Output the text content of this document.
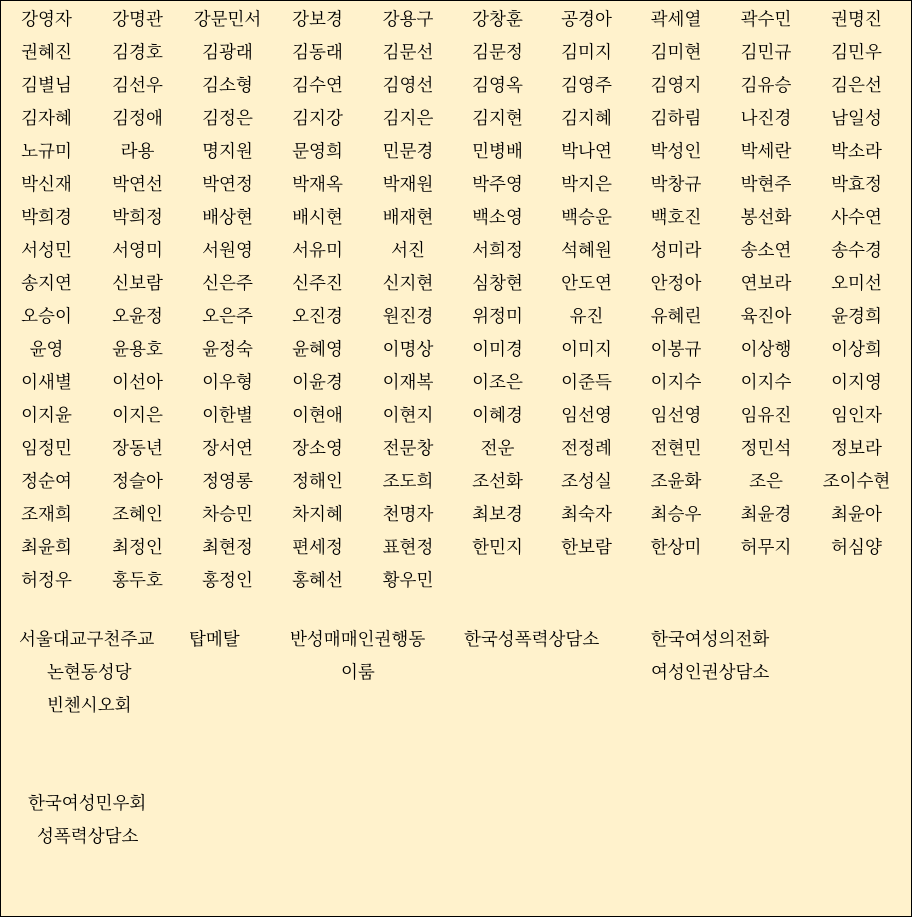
강영자	강명관	강문민서	강보경	강용구	강창훈	공경아	곽세열	곽수민	권명진
권혜진	김경호	김광래	김동래	김문선	김문정	김미지	김미현	김민규	김민우
김별님	김선우	김소형	김수연	김영선	김영옥	김영주	김영지	김유승	김은선
김자혜	김정애	김정은	김지강	김지은	김지현	김지혜	김하림	나진경	남일성
노규미	라용	명지원	문영희	민문경	민병배	박나연	박성인	박세란	박소라
박신재	박연선	박연정	박재옥	박재원	박주영	박지은	박창규	박현주	박효정
박희경	박희정	배상현	배시현	배재현	백소영	백승운	백호진	봉선화	사수연
서성민	서영미	서원영	서유미	서진	서희정	석혜원	성미라	송소연	송수경
송지연	신보람	신은주	신주진	신지현	심창현	안도연	안정아	연보라	오미선
오승이	오윤정	오은주	오진경	원진경	위정미	유진	유혜린	육진아	윤경희
윤영	윤용호	윤정숙	윤혜영	이명상	이미경	이미지	이봉규	이상행	이상희
이새별	이선아	이우형	이윤경	이재복	이조은	이준득	이지수	이지수	이지영
이지윤	이지은	이한별	이현애	이현지	이혜경	임선영	임선영	임유진	임인자
임정민	장동년	장서연	장소영	전문창	전운	전정례	전현민	정민석	정보라
정순여	정슬아	정영롱	정해인	조도희	조선화	조성실	조윤화	조은	조이수현
조재희	조혜인	차승민	차지혜	천명자	최보경	최숙자	최승우	최윤경	최윤아
최윤희	최정인	최현정	편세정	표현정	한민지	한보람	한상미	허무지	허심양
허정우	홍두호	홍정인	홍혜선	황우민
서울대교구천주교
논현동성당
빈첸시오회
탑메탈	반성매매인권행동
이룸
한국성폭력상담소	한국여성의전화
여성인권상담소
한국여성민우회
성폭력상담소
